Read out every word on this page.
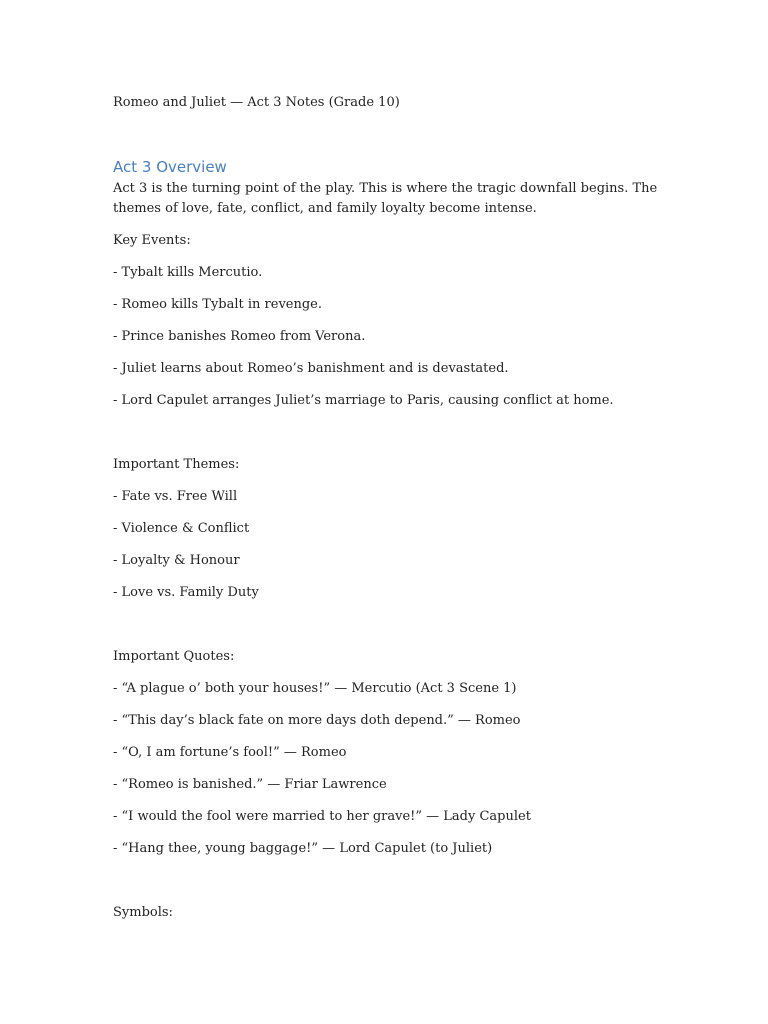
Romeo and Juliet — Act 3 Notes (Grade 10)

Act 3 Overview

Act 3 is the turning point of the play. This is where the tragic downfall begins. The themes of love, fate, conflict, and family loyalty become intense.

Key Events:

- Tybalt kills Mercutio.

- Romeo kills Tybalt in revenge.

- Prince banishes Romeo from Verona.

- Juliet learns about Romeo’s banishment and is devastated.

- Lord Capulet arranges Juliet’s marriage to Paris, causing conflict at home.

Important Themes:

- Fate vs. Free Will

- Violence & Conflict

- Loyalty & Honour

- Love vs. Family Duty

Important Quotes:

- “A plague o’ both your houses!” — Mercutio (Act 3 Scene 1)

- “This day’s black fate on more days doth depend.” — Romeo

- “O, I am fortune’s fool!” — Romeo

- “Romeo is banished.” — Friar Lawrence

- “I would the fool were married to her grave!” — Lady Capulet

- “Hang thee, young baggage!” — Lord Capulet (to Juliet)

Symbols:
